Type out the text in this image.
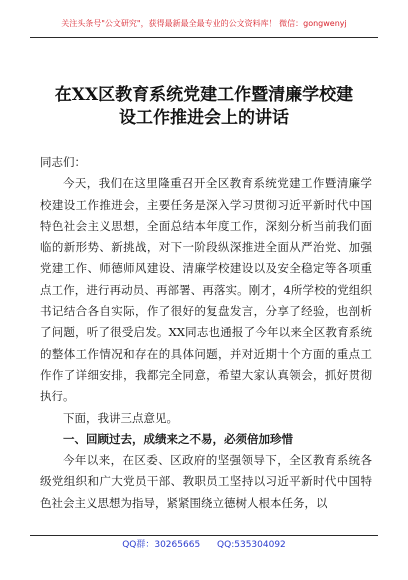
关注头条号"公文研究"，获得最新最全最专业的公文资料库！ 微信：gongwenyj
在XX区教育系统党建工作暨清廉学校建
设工作推进会上的讲话

同志们：

今天，我们在这里隆重召开全区教育系统党建工作暨清廉学校建设工作推进会，主要任务是深入学习贯彻习近平新时代中国特色社会主义思想，全面总结本年度工作，深刻分析当前我们面临的新形势、新挑战，对下一阶段纵深推进全面从严治党、加强党建工作、师德师风建设、清廉学校建设以及安全稳定等各项重点工作，进行再动员、再部署、再落实。刚才，4所学校的党组织书记结合各自实际，作了很好的复盘发言，分享了经验，也剖析了问题，听了很受启发。XX同志也通报了今年以来全区教育系统的整体工作情况和存在的具体问题，并对近期十个方面的重点工作作了详细安排，我都完全同意，希望大家认真领会，抓好贯彻执行。

下面，我讲三点意见。

一、回顾过去，成绩来之不易，必须倍加珍惜

今年以来，在区委、区政府的坚强领导下，全区教育系统各级党组织和广大党员干部、教职员工坚持以习近平新时代中国特色社会主义思想为指导，紧紧围绕立德树人根本任务，以

QQ群：30265665 QQ:535304092
